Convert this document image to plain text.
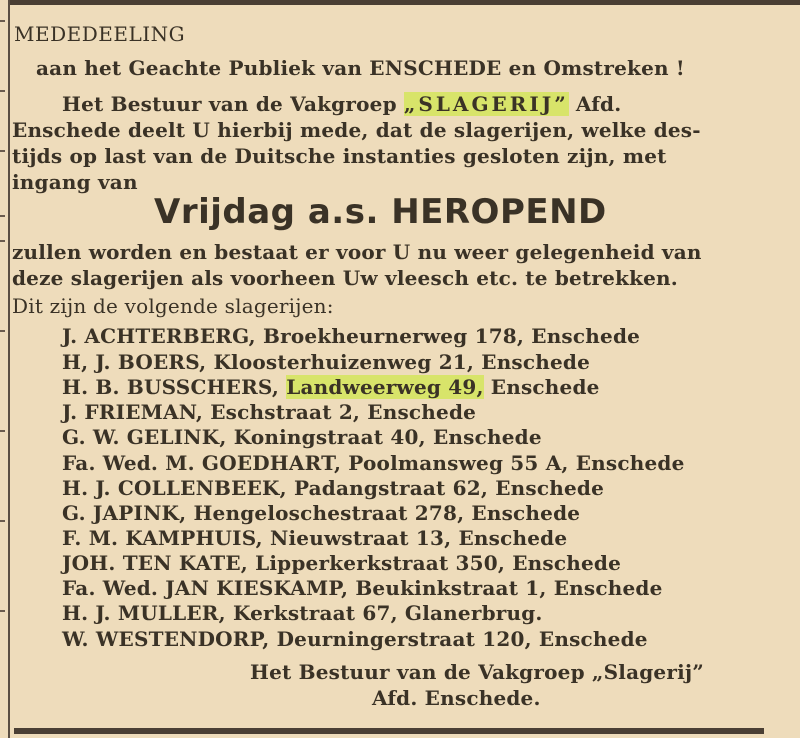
MEDEDEELING
aan het Geachte Publiek van ENSCHEDE en Omstreken !
Het Bestuur van de Vakgroep „SLAGERIJ” Afd.
Enschede deelt U hierbij mede, dat de slagerijen, welke des-
tijds op last van de Duitsche instanties gesloten zijn, met
ingang van
Vrijdag a.s. HEROPEND
zullen worden en bestaat er voor U nu weer gelegenheid van
deze slagerijen als voorheen Uw vleesch etc. te betrekken.
Dit zijn de volgende slagerijen:
J. ACHTERBERG, Broekheurnerweg 178, Enschede
H, J. BOERS, Kloosterhuizenweg 21, Enschede
H. B. BUSSCHERS, Landweerweg 49, Enschede
J. FRIEMAN, Eschstraat 2, Enschede
G. W. GELINK, Koningstraat 40, Enschede
Fa. Wed. M. GOEDHART, Poolmansweg 55 A, Enschede
H. J. COLLENBEEK, Padangstraat 62, Enschede
G. JAPINK, Hengeloschestraat 278, Enschede
F. M. KAMPHUIS, Nieuwstraat 13, Enschede
JOH. TEN KATE, Lipperkerkstraat 350, Enschede
Fa. Wed. JAN KIESKAMP, Beukinkstraat 1, Enschede
H. J. MULLER, Kerkstraat 67, Glanerbrug.
W. WESTENDORP, Deurningerstraat 120, Enschede
Het Bestuur van de Vakgroep „Slagerij”
Afd. Enschede.
